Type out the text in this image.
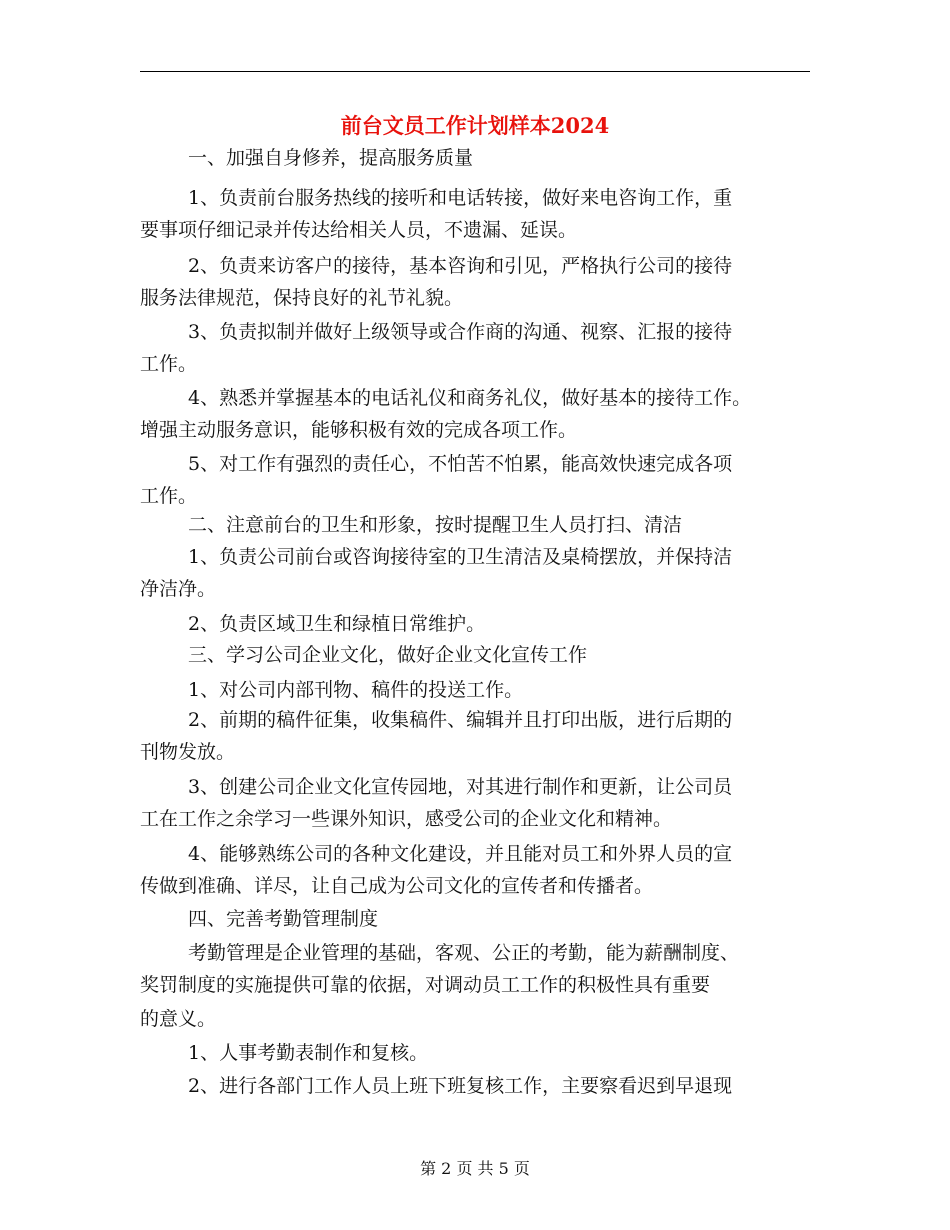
前台文员工作计划样本2024
一、加强自身修养，提高服务质量
1、负责前台服务热线的接听和电话转接，做好来电咨询工作，重
要事项仔细记录并传达给相关人员，不遗漏、延误。
2、负责来访客户的接待，基本咨询和引见，严格执行公司的接待
服务法律规范，保持良好的礼节礼貌。
3、负责拟制并做好上级领导或合作商的沟通、视察、汇报的接待
工作。
4、熟悉并掌握基本的电话礼仪和商务礼仪，做好基本的接待工作。
增强主动服务意识，能够积极有效的完成各项工作。
5、对工作有强烈的责任心，不怕苦不怕累，能高效快速完成各项
工作。
二、注意前台的卫生和形象，按时提醒卫生人员打扫、清洁
1、负责公司前台或咨询接待室的卫生清洁及桌椅摆放，并保持洁
净洁净。
2、负责区域卫生和绿植日常维护。
三、学习公司企业文化，做好企业文化宣传工作
1、对公司内部刊物、稿件的投送工作。
2、前期的稿件征集，收集稿件、编辑并且打印出版，进行后期的
刊物发放。
3、创建公司企业文化宣传园地，对其进行制作和更新，让公司员
工在工作之余学习一些课外知识，感受公司的企业文化和精神。
4、能够熟练公司的各种文化建设，并且能对员工和外界人员的宣
传做到准确、详尽，让自己成为公司文化的宣传者和传播者。
四、完善考勤管理制度
考勤管理是企业管理的基础，客观、公正的考勤，能为薪酬制度、
奖罚制度的实施提供可靠的依据，对调动员工工作的积极性具有重要
的意义。
1、人事考勤表制作和复核。
2、进行各部门工作人员上班下班复核工作，主要察看迟到早退现
第 2 页 共 5 页
